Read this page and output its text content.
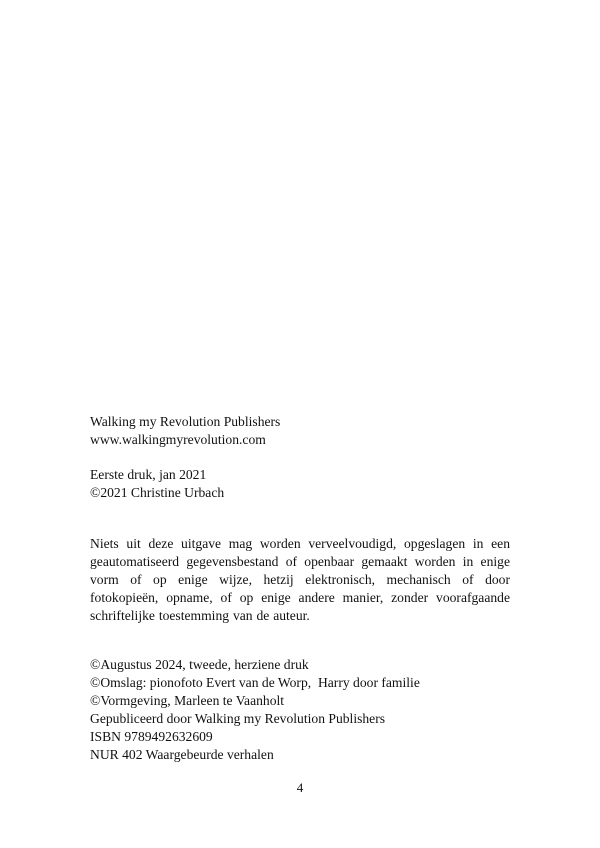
Walking my Revolution Publishers
www.walkingmyrevolution.com
Eerste druk, jan 2021
©2021 Christine Urbach
Niets uit deze uitgave mag worden verveelvoudigd, opgeslagen in een geautomatiseerd gegevensbestand of openbaar gemaakt worden in enige vorm of op enige wijze, hetzij elektronisch, mechanisch of door fotokopieën, opname, of op enige andere manier, zonder voorafgaande schriftelijke toestemming van de auteur.
©Augustus 2024, tweede, herziene druk
©Omslag: pionofoto Evert van de Worp,  Harry door familie
©Vormgeving, Marleen te Vaanholt
Gepubliceerd door Walking my Revolution Publishers
ISBN 9789492632609
NUR 402 Waargebeurde verhalen
4
